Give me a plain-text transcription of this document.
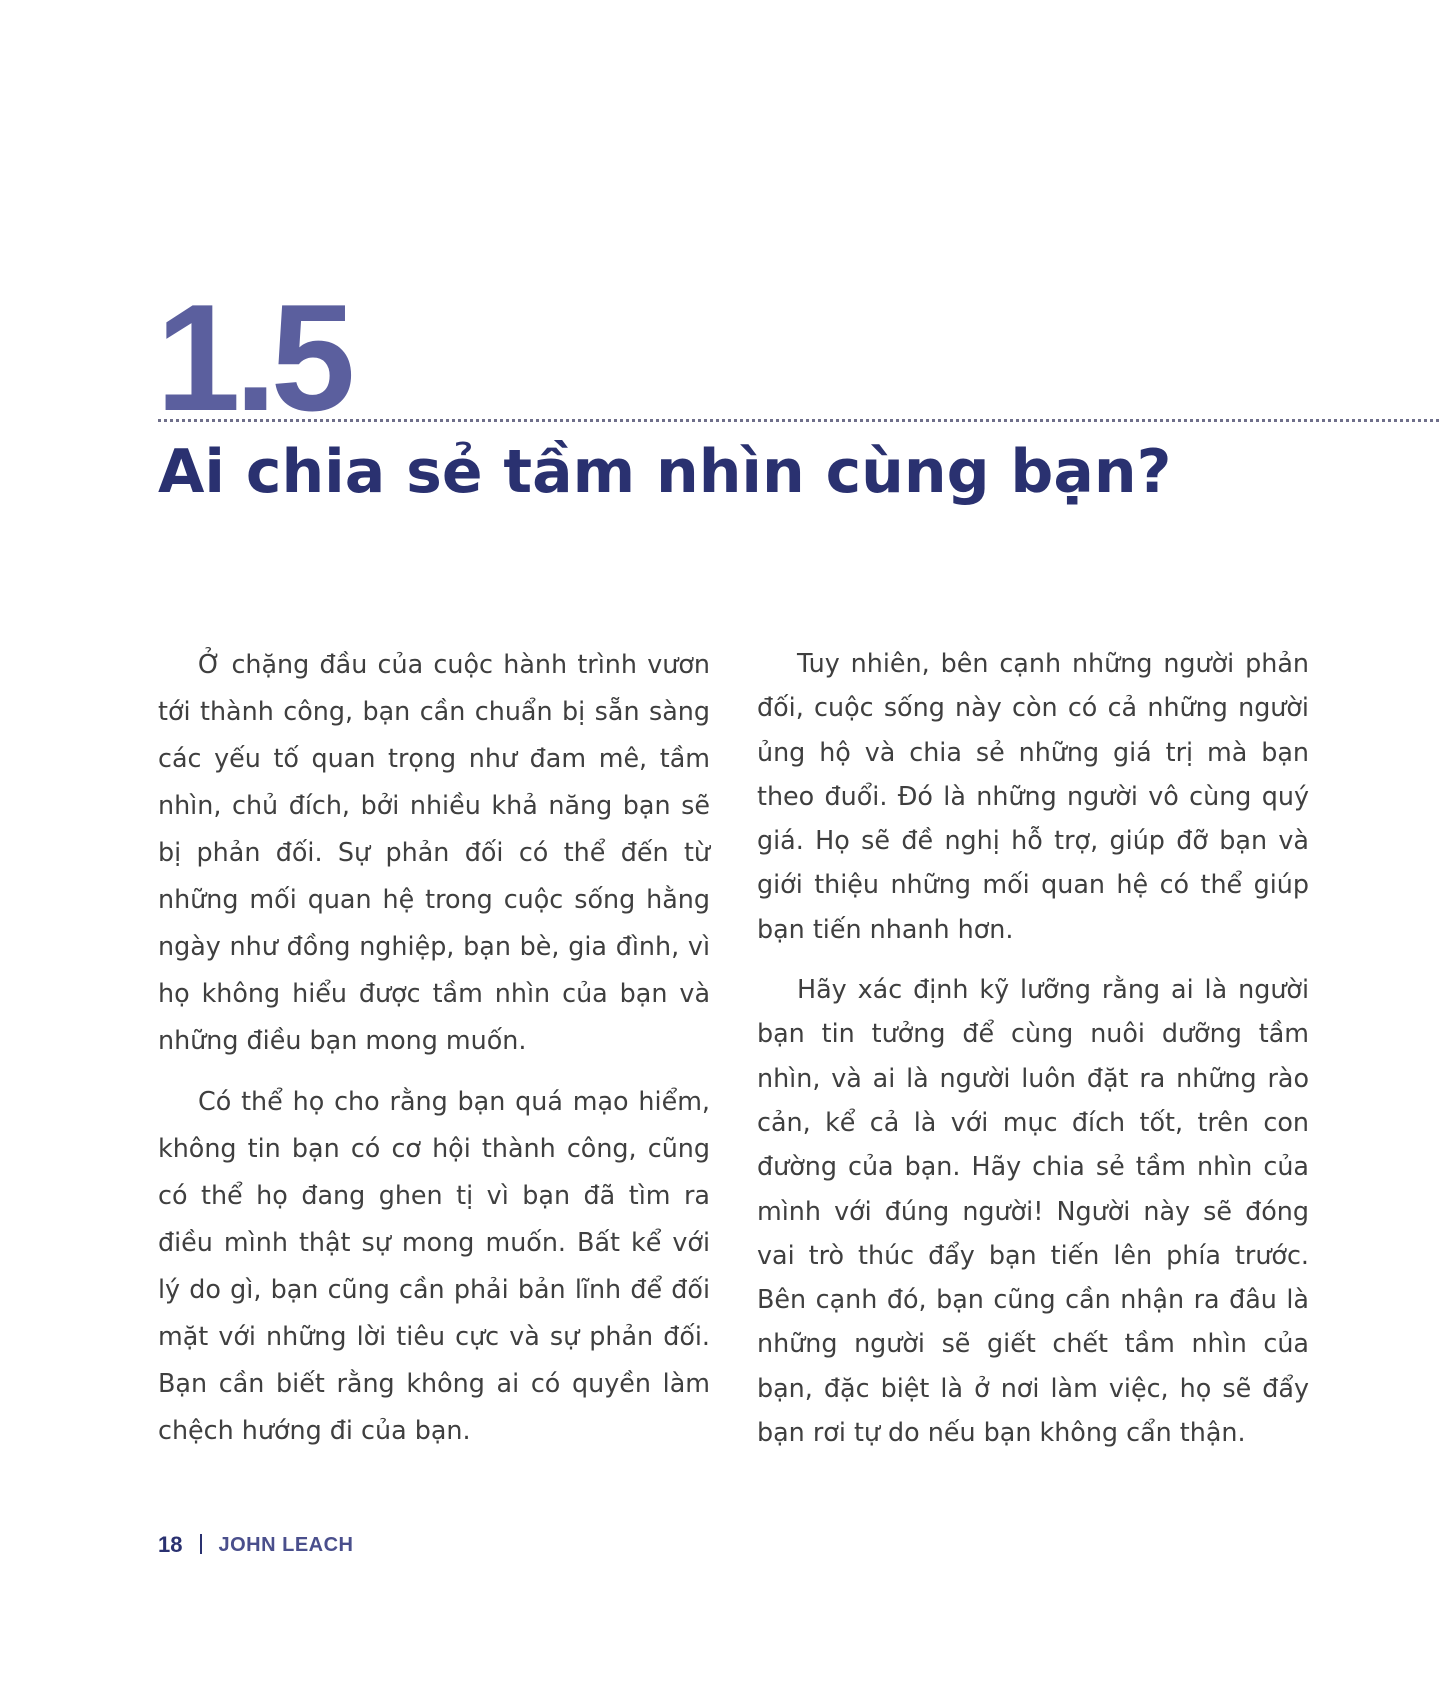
1.5
Ai chia sẻ tầm nhìn cùng bạn?

Ở chặng đầu của cuộc hành trình vươn tới thành công, bạn cần chuẩn bị sẵn sàng các yếu tố quan trọng như đam mê, tầm nhìn, chủ đích, bởi nhiều khả năng bạn sẽ bị phản đối. Sự phản đối có thể đến từ những mối quan hệ trong cuộc sống hằng ngày như đồng nghiệp, bạn bè, gia đình, vì họ không hiểu được tầm nhìn của bạn và những điều bạn mong muốn.

Có thể họ cho rằng bạn quá mạo hiểm, không tin bạn có cơ hội thành công, cũng có thể họ đang ghen tị vì bạn đã tìm ra điều mình thật sự mong muốn. Bất kể với lý do gì, bạn cũng cần phải bản lĩnh để đối mặt với những lời tiêu cực và sự phản đối. Bạn cần biết rằng không ai có quyền làm chệch hướng đi của bạn.

Tuy nhiên, bên cạnh những người phản đối, cuộc sống này còn có cả những người ủng hộ và chia sẻ những giá trị mà bạn theo đuổi. Đó là những người vô cùng quý giá. Họ sẽ đề nghị hỗ trợ, giúp đỡ bạn và giới thiệu những mối quan hệ có thể giúp bạn tiến nhanh hơn.

Hãy xác định kỹ lưỡng rằng ai là người bạn tin tưởng để cùng nuôi dưỡng tầm nhìn, và ai là người luôn đặt ra những rào cản, kể cả là với mục đích tốt, trên con đường của bạn. Hãy chia sẻ tầm nhìn của mình với đúng người! Người này sẽ đóng vai trò thúc đẩy bạn tiến lên phía trước. Bên cạnh đó, bạn cũng cần nhận ra đâu là những người sẽ giết chết tầm nhìn của bạn, đặc biệt là ở nơi làm việc, họ sẽ đẩy bạn rơi tự do nếu bạn không cẩn thận.

18 JOHN LEACH
